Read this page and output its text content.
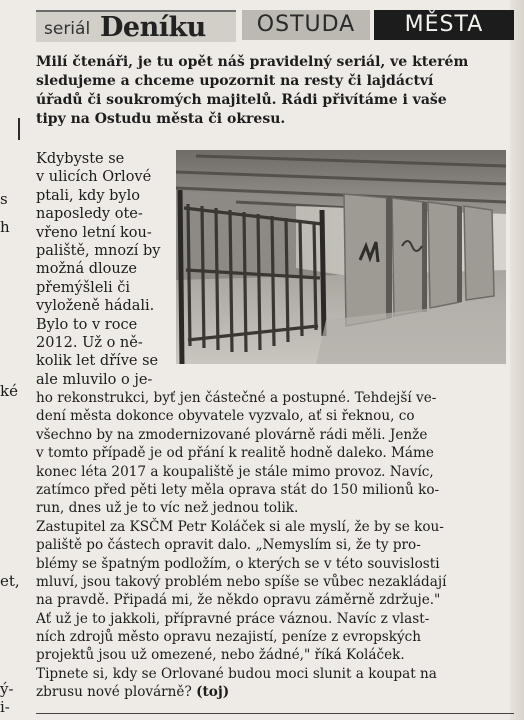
s
h
ké
et,
ý-
i-
seriál Deníku	OSTUDA	MĚSTA
Milí čtenáři, je tu opět náš pravidelný seriál, ve kterém
sledujeme a chceme upozornit na resty či lajdáctví
úřadů či soukromých majitelů. Rádi přivítáme i vaše
tipy na Ostudu města či okresu.
Kdybyste se
v ulicích Orlové
ptali, kdy bylo
naposledy ote-
vřeno letní kou-
paliště, mnozí by
možná dlouze
přemýšleli či
vyloženě hádali.
Bylo to v roce
2012. Už o ně-
kolik let dříve se
ale mluvilo o je-
ho rekonstrukci, byť jen částečné a postupné. Tehdejší ve-
dení města dokonce obyvatele vyzvalo, ať si řeknou, co
všechno by na zmodernizované plovárně rádi měli. Jenže
v tomto případě je od přání k realitě hodně daleko. Máme
konec léta 2017 a koupaliště je stále mimo provoz. Navíc,
zatímco před pěti lety měla oprava stát do 150 milionů ko-
run, dnes už je to víc než jednou tolik.
Zastupitel za KSČM Petr Koláček si ale myslí, že by se kou-
paliště po částech opravit dalo. „Nemyslím si, že ty pro-
blémy se špatným podložím, o kterých se v této souvislosti
mluví, jsou takový problém nebo spíše se vůbec nezakládají
na pravdě. Připadá mi, že někdo opravu záměrně zdržuje."
Ať už je to jakkoli, přípravné práce váznou. Navíc z vlast-
ních zdrojů město opravu nezajistí, peníze z evropských
projektů jsou už omezené, nebo žádné," říká Koláček.
Tipnete si, kdy se Orlované budou moci slunit a koupat na
zbrusu nové plovárně? (toj)
